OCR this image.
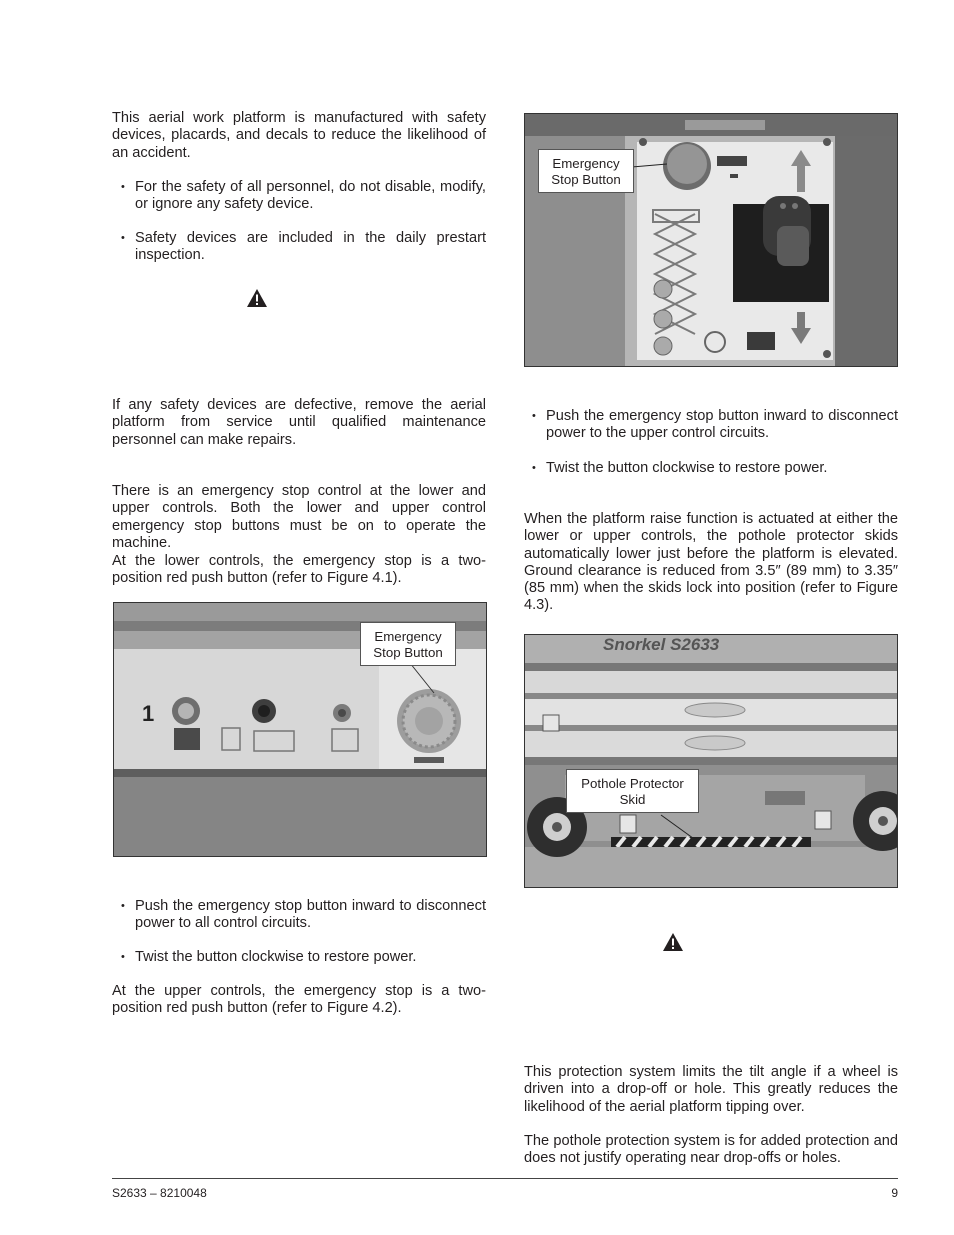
This aerial work platform is manufactured with safety devices, placards, and decals to reduce the likelihood of an accident.

• For the safety of all personnel, do not disable, modify, or ignore any safety device.
• Safety devices are included in the daily prestart inspection.

If any safety devices are defective, remove the aerial platform from service until qualified maintenance personnel can make repairs.

There is an emergency stop control at the lower and upper controls. Both the lower and upper control emergency stop buttons must be on to operate the machine.

At the lower controls, the emergency stop is a two-position red push button (refer to Figure 4.1).

1
Emergency
Stop Button
• Push the emergency stop button inward to disconnect power to all control circuits.
• Twist the button clockwise to restore power.

At the upper controls, the emergency stop is a two-position red push button (refer to Figure 4.2).

Emergency
Stop Button
• Push the emergency stop button inward to disconnect power to the upper control circuits.
• Twist the button clockwise to restore power.

When the platform raise function is actuated at either the lower or upper controls, the pothole protector skids automatically lower just before the platform is elevated. Ground clearance is reduced from 3.5″ (89 mm) to 3.35″ (85 mm) when the skids lock into position (refer to Figure 4.3).

Snorkel S2633
Pothole Protector
Skid

This protection system limits the tilt angle if a wheel is driven into a drop-off or hole. This greatly reduces the likelihood of the aerial platform tipping over.

The pothole protection system is for added protection and does not justify operating near drop-offs or holes.

S2633 – 8210048	9
